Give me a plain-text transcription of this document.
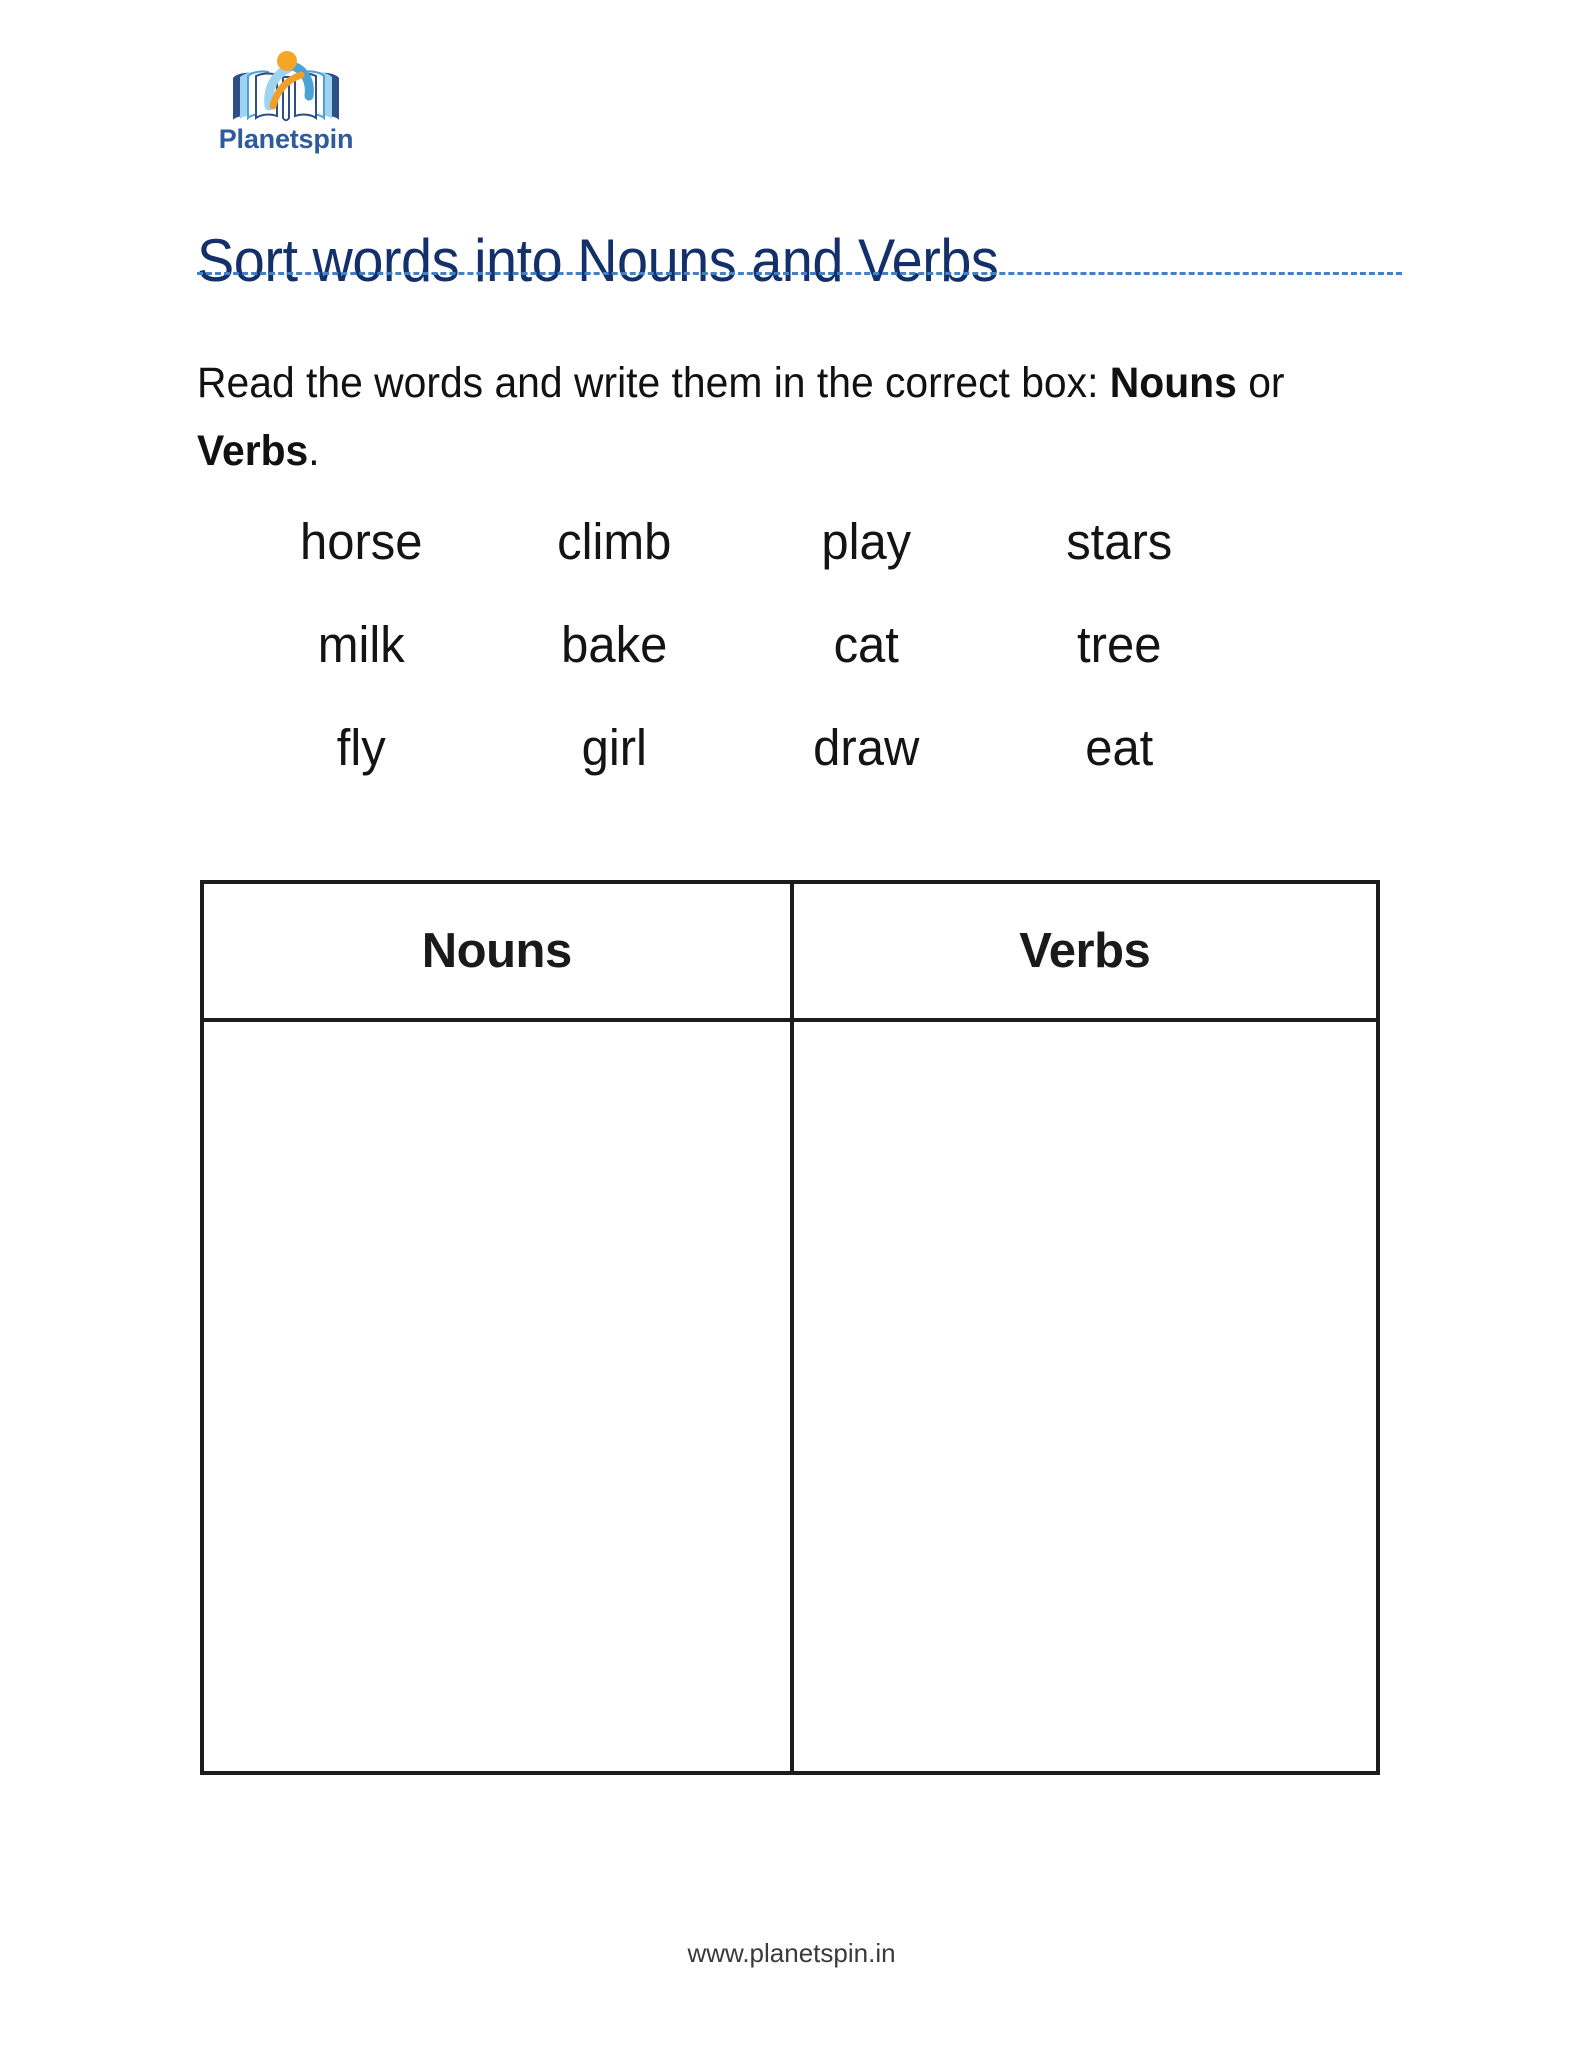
Planetspin
Sort words into Nouns and Verbs

Read the words and write them in the correct box: Nouns or Verbs.

horse	climb	play	stars
milk	bake	cat	tree
fly	girl	draw	eat
Nouns	Verbs
www.planetspin.in
